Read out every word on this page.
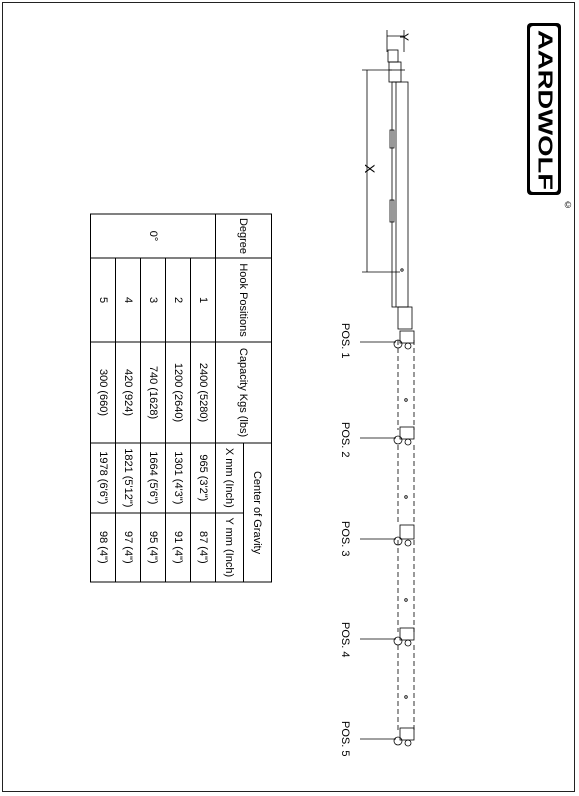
Degree	Hook Positions	Capacity Kgs (lbs)	Center of Gravity	
			X mm (Inch)	Y mm (Inch)
0°	1	2400 (5280)	965 (3'2")	87 (4")
	2	1200 (2640)	1301 (4'3")	91 (4")
	3	740 (1628)	1664 (5'6")	95 (4")
	4	420 (924)	1821 (5'12")	97 (4")
	5	300 (660)	1978 (6'6")	98 (4")
AARDWOLF
©
Y
X
POS. 1
POS. 2
POS. 3
POS. 4
POS. 5
